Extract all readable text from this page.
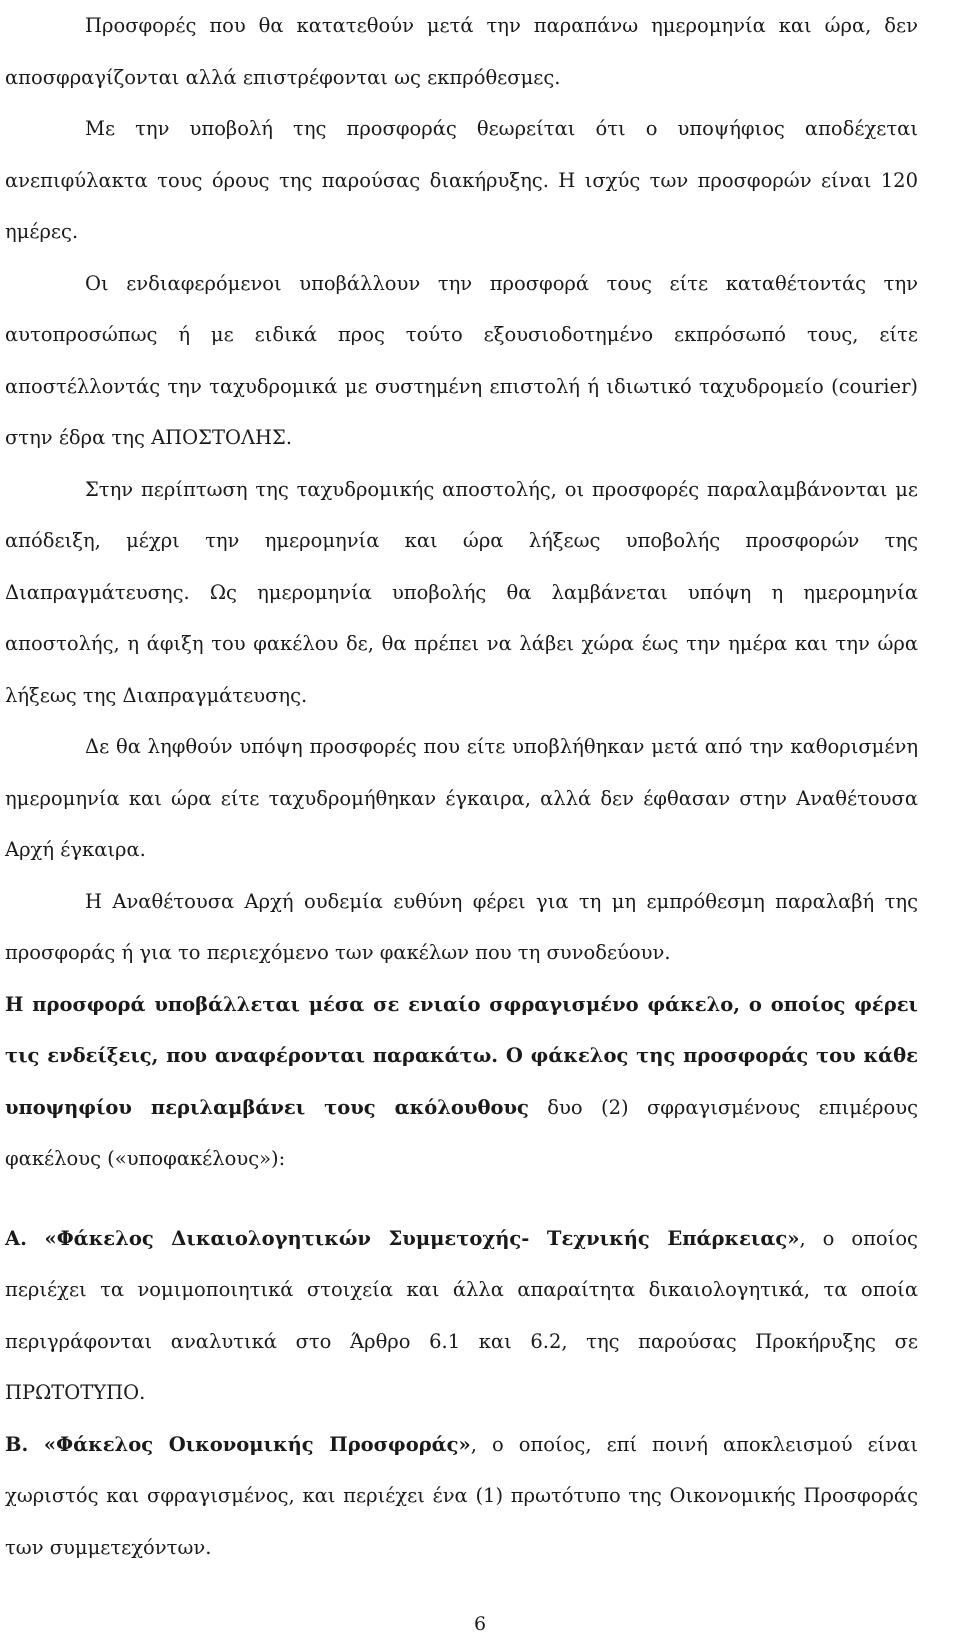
Προσφορές που θα κατατεθούν μετά την παραπάνω ημερομηνία και ώρα, δεν αποσφραγίζονται αλλά επιστρέφονται ως εκπρόθεσμες.

Με την υποβολή της προσφοράς θεωρείται ότι ο υποψήφιος αποδέχεται ανεπιφύλακτα τους όρους της παρούσας διακήρυξης. Η ισχύς των προσφορών είναι 120 ημέρες.

Οι ενδιαφερόμενοι υποβάλλουν την προσφορά τους είτε καταθέτοντάς την αυτοπροσώπως ή με ειδικά προς τούτο εξουσιοδοτημένο εκπρόσωπό τους, είτε αποστέλλοντάς την ταχυδρομικά με συστημένη επιστολή ή ιδιωτικό ταχυδρομείο (courier) στην έδρα της ΑΠΟΣΤΟΛΗΣ.

Στην περίπτωση της ταχυδρομικής αποστολής, οι προσφορές παραλαμβάνονται με απόδειξη, μέχρι την ημερομηνία και ώρα λήξεως υποβολής προσφορών της Διαπραγμάτευσης. Ως ημερομηνία υποβολής θα λαμβάνεται υπόψη η ημερομηνία αποστολής, η άφιξη του φακέλου δε, θα πρέπει να λάβει χώρα έως την ημέρα και την ώρα λήξεως της Διαπραγμάτευσης.

Δε θα ληφθούν υπόψη προσφορές που είτε υποβλήθηκαν μετά από την καθορισμένη ημερομηνία και ώρα είτε ταχυδρομήθηκαν έγκαιρα, αλλά δεν έφθασαν στην Αναθέτουσα Αρχή έγκαιρα.

Η Αναθέτουσα Αρχή ουδεμία ευθύνη φέρει για τη μη εμπρόθεσμη παραλαβή της προσφοράς ή για το περιεχόμενο των φακέλων που τη συνοδεύουν.

Η προσφορά υποβάλλεται μέσα σε ενιαίο σφραγισμένο φάκελο, ο οποίος φέρει τις ενδείξεις, που αναφέρονται παρακάτω. Ο φάκελος της προσφοράς του κάθε υποψηφίου περιλαμβάνει τους ακόλουθους δυο (2) σφραγισμένους επιμέρους φακέλους («υποφακέλους»):

Α. «Φάκελος Δικαιολογητικών Συμμετοχής- Τεχνικής Επάρκειας», ο οποίος περιέχει τα νομιμοποιητικά στοιχεία και άλλα απαραίτητα δικαιολογητικά, τα οποία περιγράφονται αναλυτικά στο Άρθρο 6.1 και 6.2, της παρούσας Προκήρυξης σε ΠΡΩΤΟΤΥΠΟ.

Β. «Φάκελος Οικονομικής Προσφοράς», ο οποίος, επί ποινή αποκλεισμού είναι χωριστός και σφραγισμένος, και περιέχει ένα (1) πρωτότυπο της Οικονομικής Προσφοράς των συμμετεχόντων.

6
